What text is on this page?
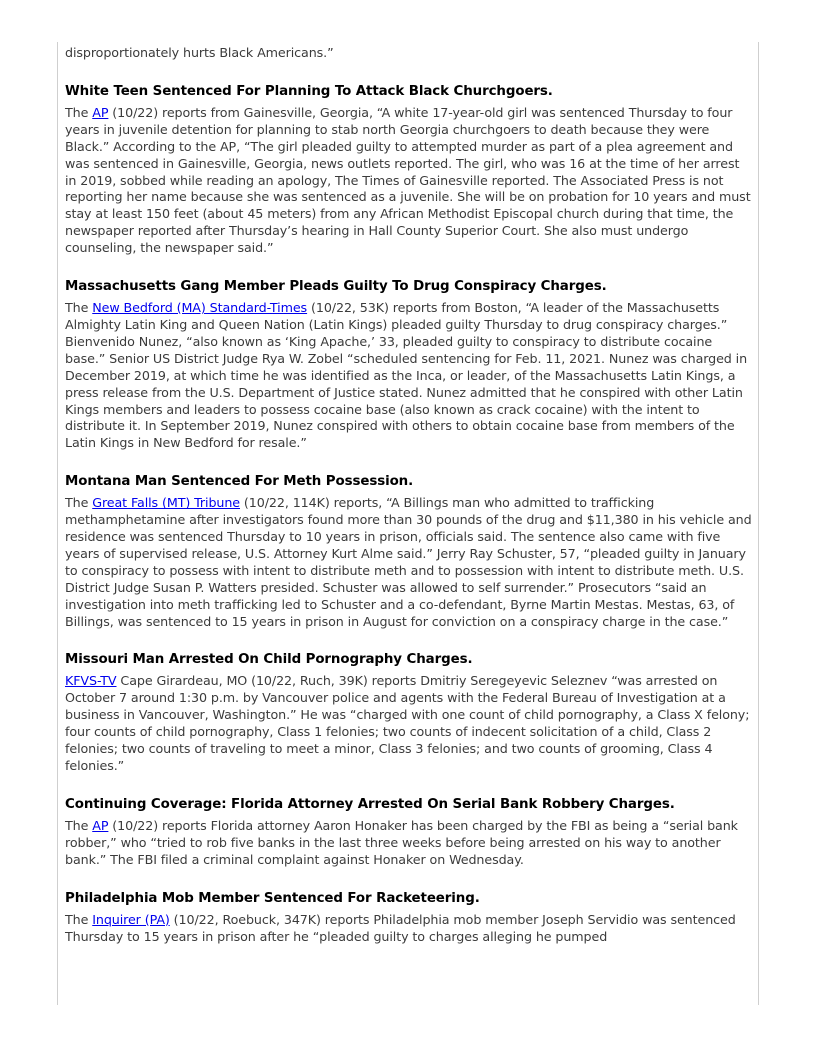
disproportionately hurts Black Americans.”

White Teen Sentenced For Planning To Attack Black Churchgoers.

The AP (10/22) reports from Gainesville, Georgia, “A white 17-year-old girl was sentenced Thursday to four years in juvenile detention for planning to stab north Georgia churchgoers to death because they were Black.” According to the AP, “The girl pleaded guilty to attempted murder as part of a plea agreement and was sentenced in Gainesville, Georgia, news outlets reported. The girl, who was 16 at the time of her arrest in 2019, sobbed while reading an apology, The Times of Gainesville reported. The Associated Press is not reporting her name because she was sentenced as a juvenile. She will be on probation for 10 years and must stay at least 150 feet (about 45 meters) from any African Methodist Episcopal church during that time, the newspaper reported after Thursday’s hearing in Hall County Superior Court. She also must undergo counseling, the newspaper said.”

Massachusetts Gang Member Pleads Guilty To Drug Conspiracy Charges.

The New Bedford (MA) Standard-Times (10/22, 53K) reports from Boston, “A leader of the Massachusetts Almighty Latin King and Queen Nation (Latin Kings) pleaded guilty Thursday to drug conspiracy charges.” Bienvenido Nunez, “also known as ‘King Apache,’ 33, pleaded guilty to conspiracy to distribute cocaine base.” Senior US District Judge Rya W. Zobel “scheduled sentencing for Feb. 11, 2021. Nunez was charged in December 2019, at which time he was identified as the Inca, or leader, of the Massachusetts Latin Kings, a press release from the U.S. Department of Justice stated. Nunez admitted that he conspired with other Latin Kings members and leaders to possess cocaine base (also known as crack cocaine) with the intent to distribute it. In September 2019, Nunez conspired with others to obtain cocaine base from members of the Latin Kings in New Bedford for resale.”

Montana Man Sentenced For Meth Possession.

The Great Falls (MT) Tribune (10/22, 114K) reports, “A Billings man who admitted to trafficking methamphetamine after investigators found more than 30 pounds of the drug and $11,380 in his vehicle and residence was sentenced Thursday to 10 years in prison, officials said. The sentence also came with five years of supervised release, U.S. Attorney Kurt Alme said.” Jerry Ray Schuster, 57, “pleaded guilty in January to conspiracy to possess with intent to distribute meth and to possession with intent to distribute meth. U.S. District Judge Susan P. Watters presided. Schuster was allowed to self surrender.” Prosecutors “said an investigation into meth trafficking led to Schuster and a co-defendant, Byrne Martin Mestas. Mestas, 63, of Billings, was sentenced to 15 years in prison in August for conviction on a conspiracy charge in the case.”

Missouri Man Arrested On Child Pornography Charges.

KFVS-TV Cape Girardeau, MO (10/22, Ruch, 39K) reports Dmitriy Seregeyevic Seleznev “was arrested on October 7 around 1:30 p.m. by Vancouver police and agents with the Federal Bureau of Investigation at a business in Vancouver, Washington.” He was “charged with one count of child pornography, a Class X felony; four counts of child pornography, Class 1 felonies; two counts of indecent solicitation of a child, Class 2 felonies; two counts of traveling to meet a minor, Class 3 felonies; and two counts of grooming, Class 4 felonies.”

Continuing Coverage: Florida Attorney Arrested On Serial Bank Robbery Charges.

The AP (10/22) reports Florida attorney Aaron Honaker has been charged by the FBI as being a “serial bank robber,” who “tried to rob five banks in the last three weeks before being arrested on his way to another bank.” The FBI filed a criminal complaint against Honaker on Wednesday.

Philadelphia Mob Member Sentenced For Racketeering.

The Inquirer (PA) (10/22, Roebuck, 347K) reports Philadelphia mob member Joseph Servidio was sentenced Thursday to 15 years in prison after he “pleaded guilty to charges alleging he pumped
